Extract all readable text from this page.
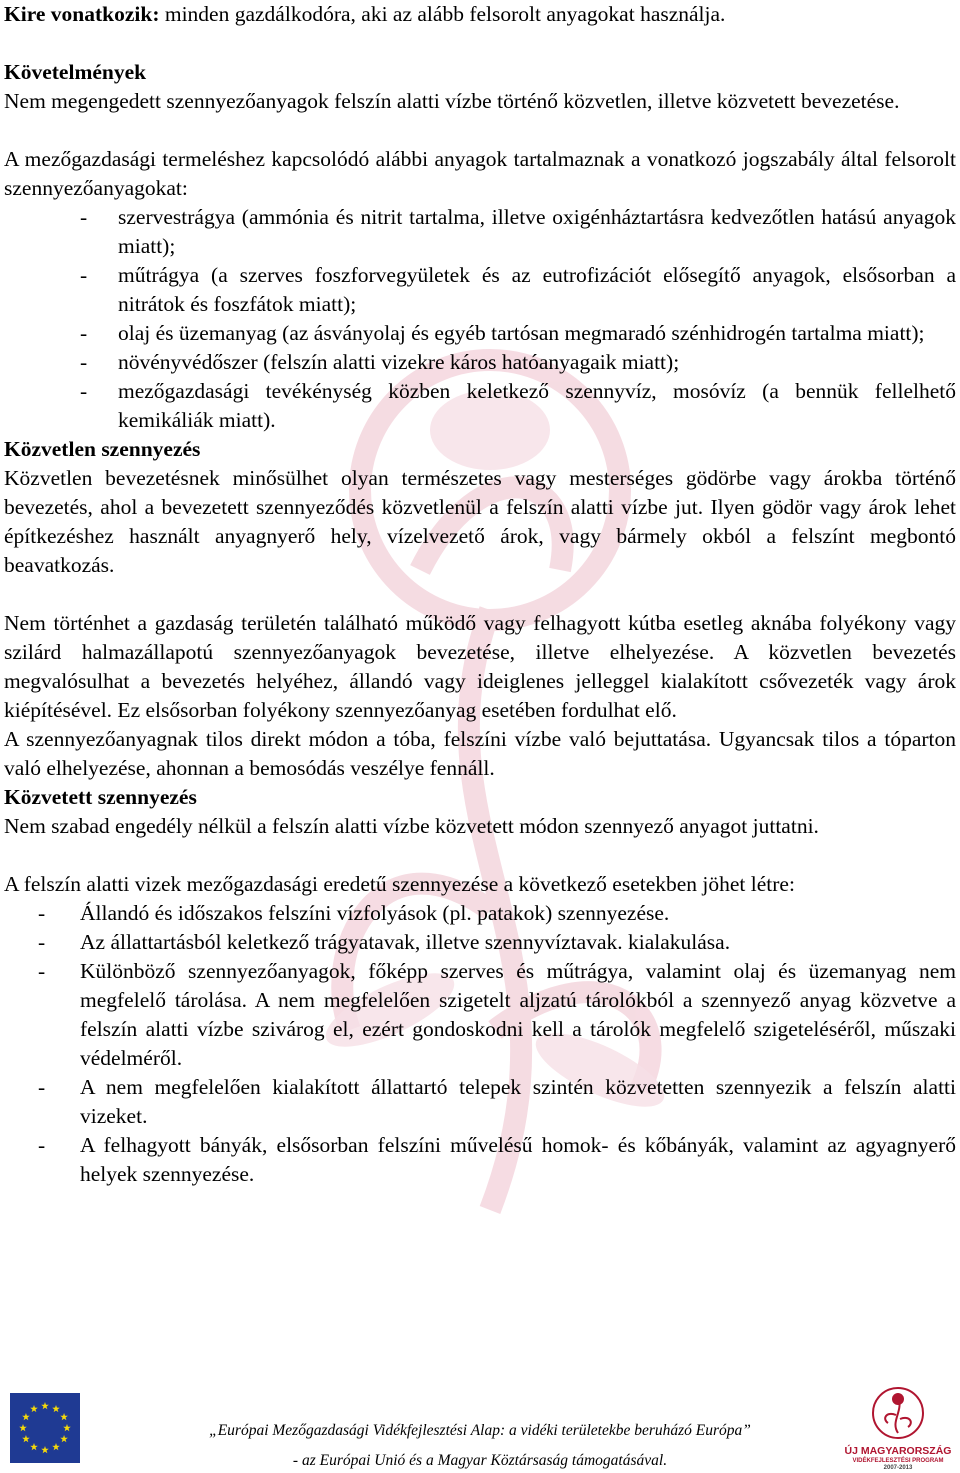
Kire vonatkozik: minden gazdálkodóra, aki az alább felsorolt anyagokat használja.

Követelmények

Nem megengedett szennyezőanyagok felszín alatti vízbe történő közvetlen, illetve közvetett bevezetése.

A mezőgazdasági termeléshez kapcsolódó alábbi anyagok tartalmaznak a vonatkozó jogszabály által felsorolt szennyezőanyagokat:

- szervestrágya (ammónia és nitrit tartalma, illetve oxigénháztartásra kedvezőtlen hatású anyagok miatt);
- műtrágya (a szerves foszforvegyületek és az eutrofizációt elősegítő anyagok, elsősorban a nitrátok és foszfátok miatt);
- olaj és üzemanyag (az ásványolaj és egyéb tartósan megmaradó szénhidrogén tartalma miatt);
- növényvédőszer (felszín alatti vizekre káros hatóanyagaik miatt);
- mezőgazdasági tevékénység közben keletkező szennyvíz, mosóvíz (a bennük fellelhető kemikáliák miatt).

Közvetlen szennyezés

Közvetlen bevezetésnek minősülhet olyan természetes vagy mesterséges gödörbe vagy árokba történő bevezetés, ahol a bevezetett szennyeződés közvetlenül a felszín alatti vízbe jut. Ilyen gödör vagy árok lehet építkezéshez használt anyagnyerő hely, vízelvezető árok, vagy bármely okból a felszínt megbontó beavatkozás.

Nem történhet a gazdaság területén található működő vagy felhagyott kútba esetleg aknába folyékony vagy szilárd halmazállapotú szennyezőanyagok bevezetése, illetve elhelyezése. A közvetlen bevezetés megvalósulhat a bevezetés helyéhez, állandó vagy ideiglenes jelleggel kialakított csővezeték vagy árok kiépítésével. Ez elsősorban folyékony szennyezőanyag esetében fordulhat elő.

A szennyezőanyagnak tilos direkt módon a tóba, felszíni vízbe való bejuttatása. Ugyancsak tilos a tóparton való elhelyezése, ahonnan a bemosódás veszélye fennáll.

Közvetett szennyezés

Nem szabad engedély nélkül a felszín alatti vízbe közvetett módon szennyező anyagot juttatni.

A felszín alatti vizek mezőgazdasági eredetű szennyezése a következő esetekben jöhet létre:

- Állandó és időszakos felszíni vízfolyások (pl. patakok) szennyezése.
- Az állattartásból keletkező trágyatavak, illetve szennyvíztavak. kialakulása.
- Különböző szennyezőanyagok, főképp szerves és műtrágya, valamint olaj és üzemanyag nem megfelelő tárolása. A nem megfelelően szigetelt aljzatú tárolókból a szennyező anyag közvetve a felszín alatti vízbe szivárog el, ezért gondoskodni kell a tárolók megfelelő szigeteléséről, műszaki védelméről.
- A nem megfelelően kialakított állattartó telepek szintén közvetetten szennyezik a felszín alatti vizeket.
- A felhagyott bányák, elsősorban felszíni művelésű homok- és kőbányák, valamint az agyagnyerő helyek szennyezése.
„Európai Mezőgazdasági Vidékfejlesztési Alap: a vidéki területekbe beruházó Európa”
- az Európai Unió és a Magyar Köztársaság támogatásával.
ÚJ MAGYARORSZÁG
VIDÉKFEJLESZTÉSI PROGRAM
2007-2013
